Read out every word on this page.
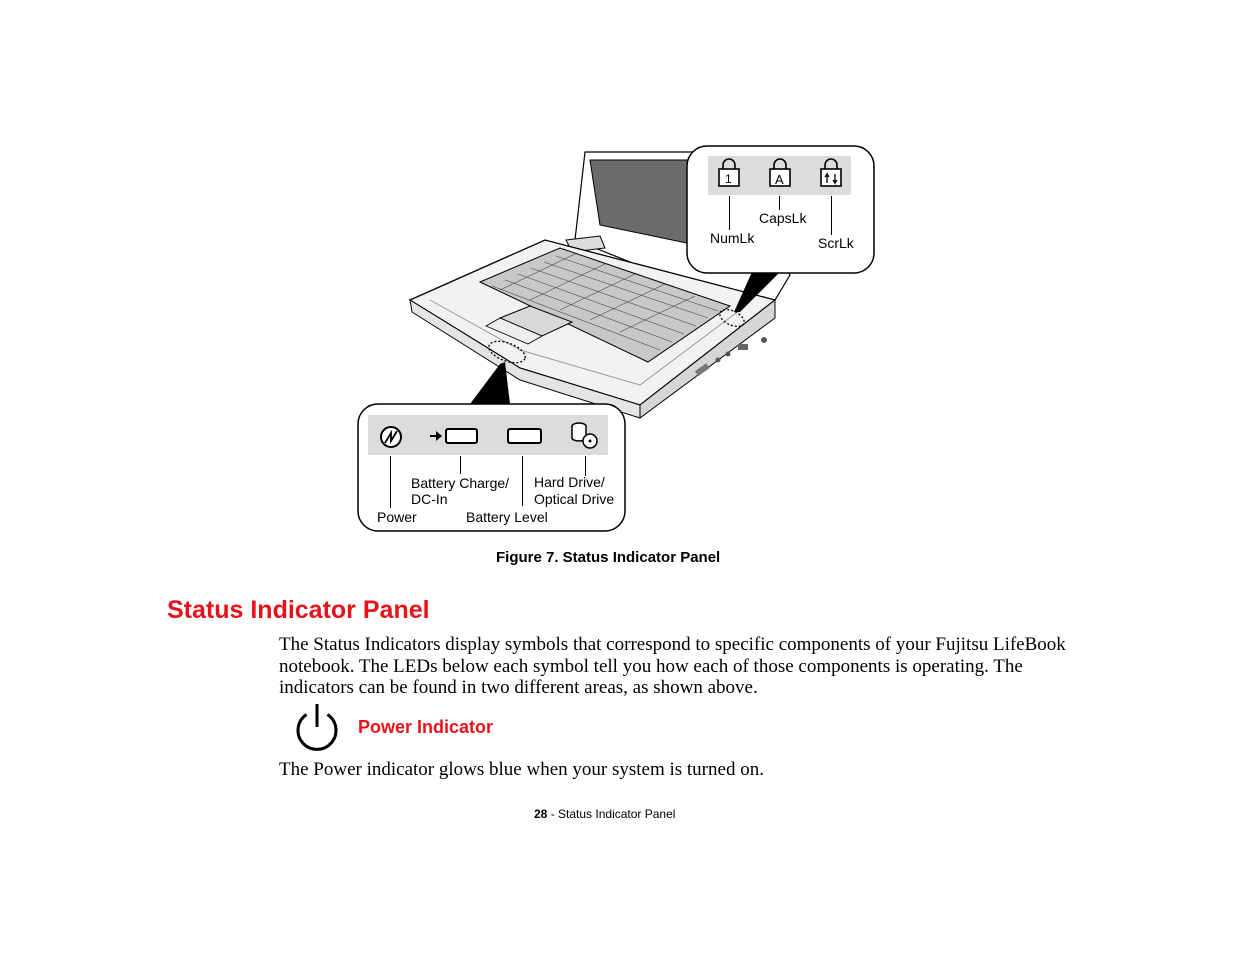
1	A
NumLk
CapsLk
ScrLk
Power
Battery Charge/
DC-In
Battery Level
Hard Drive/
Optical Drive
Figure 7. Status Indicator Panel
Status Indicator Panel
The Status Indicators display symbols that correspond to specific components of your Fujitsu LifeBook notebook. The LEDs below each symbol tell you how each of those components is operating. The indicators can be found in two different areas, as shown above.
Power Indicator
The Power indicator glows blue when your system is turned on.
28 - Status Indicator Panel
